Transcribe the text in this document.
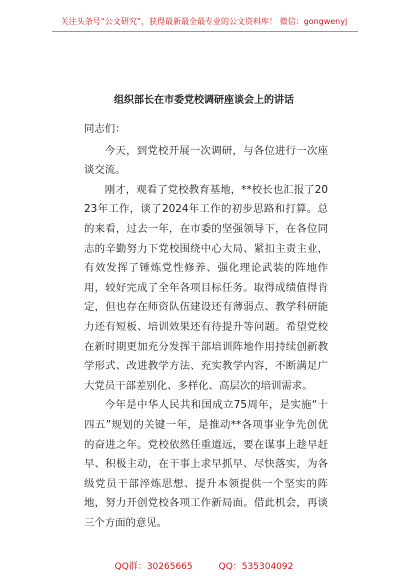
关注头条号“公文研究”，获得最新最全最专业的公文资料库！ 微信：gongwenyj
组织部长在市委党校调研座谈会上的讲话

同志们：

今天，到党校开展一次调研，与各位进行一次座谈交流。

刚才，观看了党校教育基地，**校长也汇报了2023年工作，谈了2024年工作的初步思路和打算。总的来看，过去一年，在市委的坚强领导下，在各位同志的辛勤努力下党校围绕中心大局、紧扣主责主业，有效发挥了锤炼党性修养、强化理论武装的阵地作用，较好完成了全年各项目标任务。取得成绩值得肯定，但也存在师资队伍建设还有薄弱点、教学科研能力还有短板、培训效果还有待提升等问题。希望党校在新时期更加充分发挥干部培训阵地作用持续创新教学形式、改进教学方法、充实教学内容，不断满足广大党员干部差别化、多样化、高层次的培训需求。

今年是中华人民共和国成立75周年，是实施“十四五”规划的关键一年，是推动**各项事业争先创优的奋进之年。党校依然任重道远，要在谋事上趁早赶早、积极主动，在干事上求早抓早、尽快落实，为各级党员干部淬炼思想、提升本领提供一个坚实的阵地，努力开创党校各项工作新局面。借此机会，再谈三个方面的意见。

QQ群：30265665	QQ：535304092
